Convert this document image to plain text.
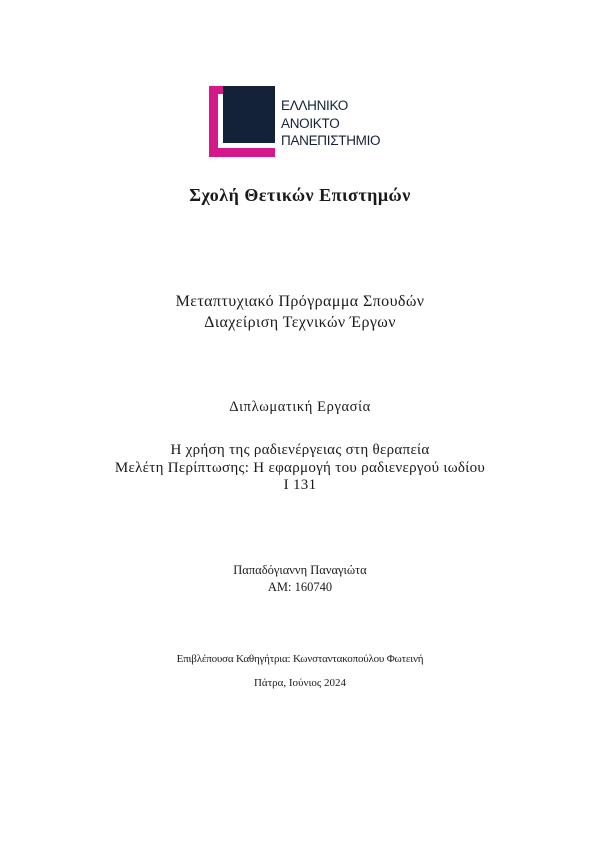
ΕΛΛΗΝΙΚΟ
ΑΝΟΙΚΤΟ
ΠΑΝΕΠΙΣΤΗΜΙΟ
Σχολή Θετικών Επιστημών
Μεταπτυχιακό Πρόγραμμα Σπουδών
Διαχείριση Τεχνικών Έργων
Διπλωματική Εργασία
Η χρήση της ραδιενέργειας στη θεραπεία
Μελέτη Περίπτωσης: Η εφαρμογή του ραδιενεργού ιωδίου
I 131
Παπαδόγιαννη Παναγιώτα
ΑΜ: 160740
Επιβλέπουσα Καθηγήτρια: Κωνσταντακοπούλου Φωτεινή
Πάτρα, Ιούνιος 2024
